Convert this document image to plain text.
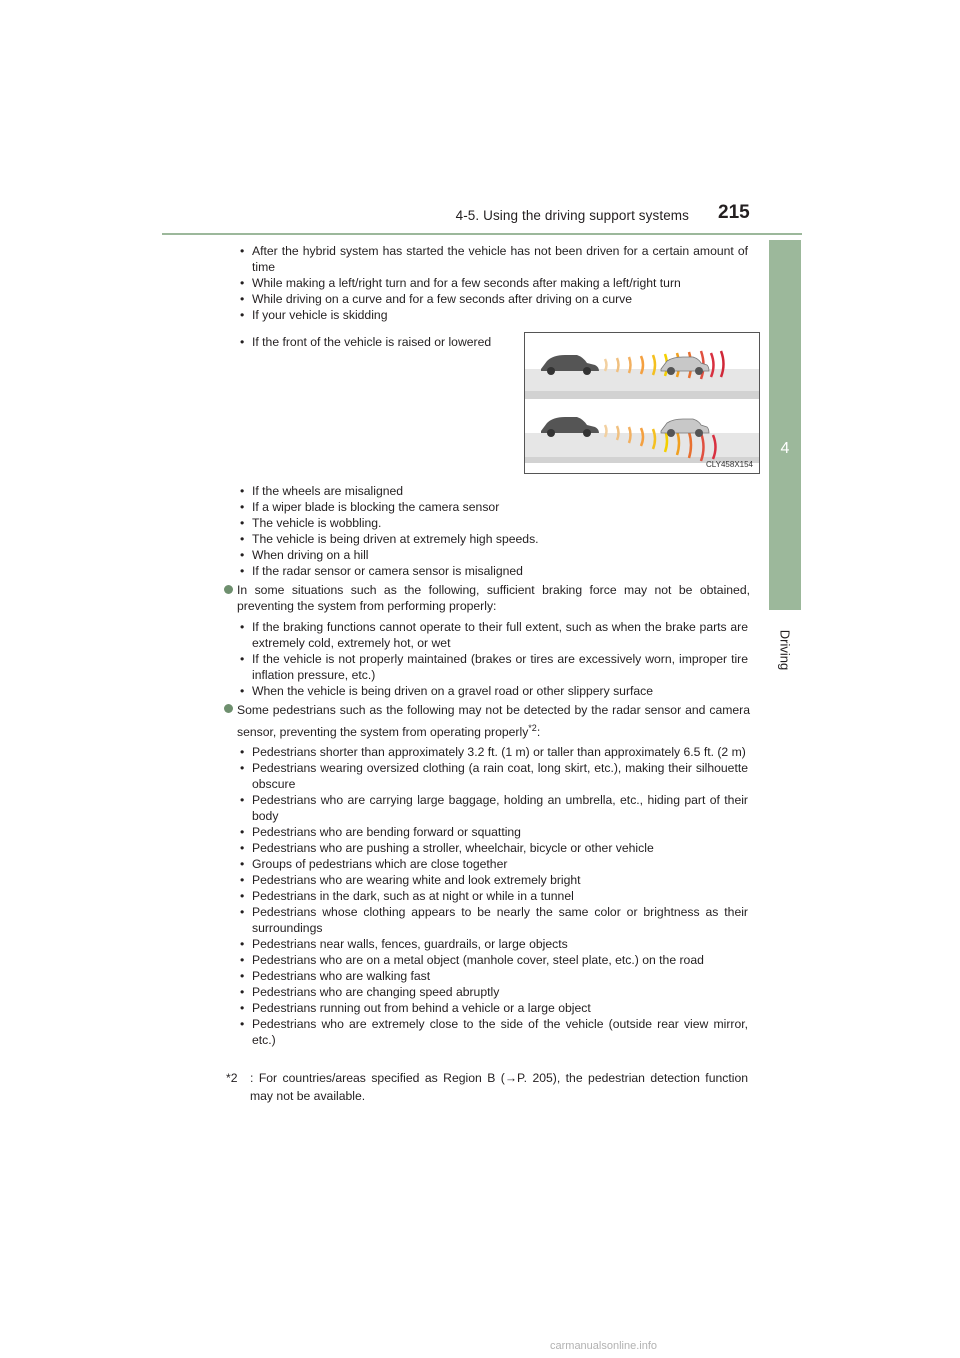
4-5. Using the driving support systems 215
4
Driving
• After the hybrid system has started the vehicle has not been driven for a certain amount of time
• While making a left/right turn and for a few seconds after making a left/right turn
• While driving on a curve and for a few seconds after driving on a curve
• If your vehicle is skidding
• If the front of the vehicle is raised or lowered
CLY458X154
• If the wheels are misaligned
• If a wiper blade is blocking the camera sensor
• The vehicle is wobbling.
• The vehicle is being driven at extremely high speeds.
• When driving on a hill
• If the radar sensor or camera sensor is misaligned
In some situations such as the following, sufficient braking force may not be obtained, preventing the system from performing properly:
• If the braking functions cannot operate to their full extent, such as when the brake parts are extremely cold, extremely hot, or wet
• If the vehicle is not properly maintained (brakes or tires are excessively worn, improper tire inflation pressure, etc.)
• When the vehicle is being driven on a gravel road or other slippery surface
Some pedestrians such as the following may not be detected by the radar sensor and camera sensor, preventing the system from operating properly$^{*2}$:
• Pedestrians shorter than approximately 3.2 ft. (1 m) or taller than approximately 6.5 ft. (2 m)
• Pedestrians wearing oversized clothing (a rain coat, long skirt, etc.), making their silhouette obscure
• Pedestrians who are carrying large baggage, holding an umbrella, etc., hiding part of their body
• Pedestrians who are bending forward or squatting
• Pedestrians who are pushing a stroller, wheelchair, bicycle or other vehicle
• Groups of pedestrians which are close together
• Pedestrians who are wearing white and look extremely bright
• Pedestrians in the dark, such as at night or while in a tunnel
• Pedestrians whose clothing appears to be nearly the same color or brightness as their surroundings
• Pedestrians near walls, fences, guardrails, or large objects
• Pedestrians who are on a metal object (manhole cover, steel plate, etc.) on the road
• Pedestrians who are walking fast
• Pedestrians who are changing speed abruptly
• Pedestrians running out from behind a vehicle or a large object
• Pedestrians who are extremely close to the side of the vehicle (outside rear view mirror, etc.)
*2	: For countries/areas specified as Region B (→P. 205), the pedestrian detection function may not be available.
carmanualsonline.info
